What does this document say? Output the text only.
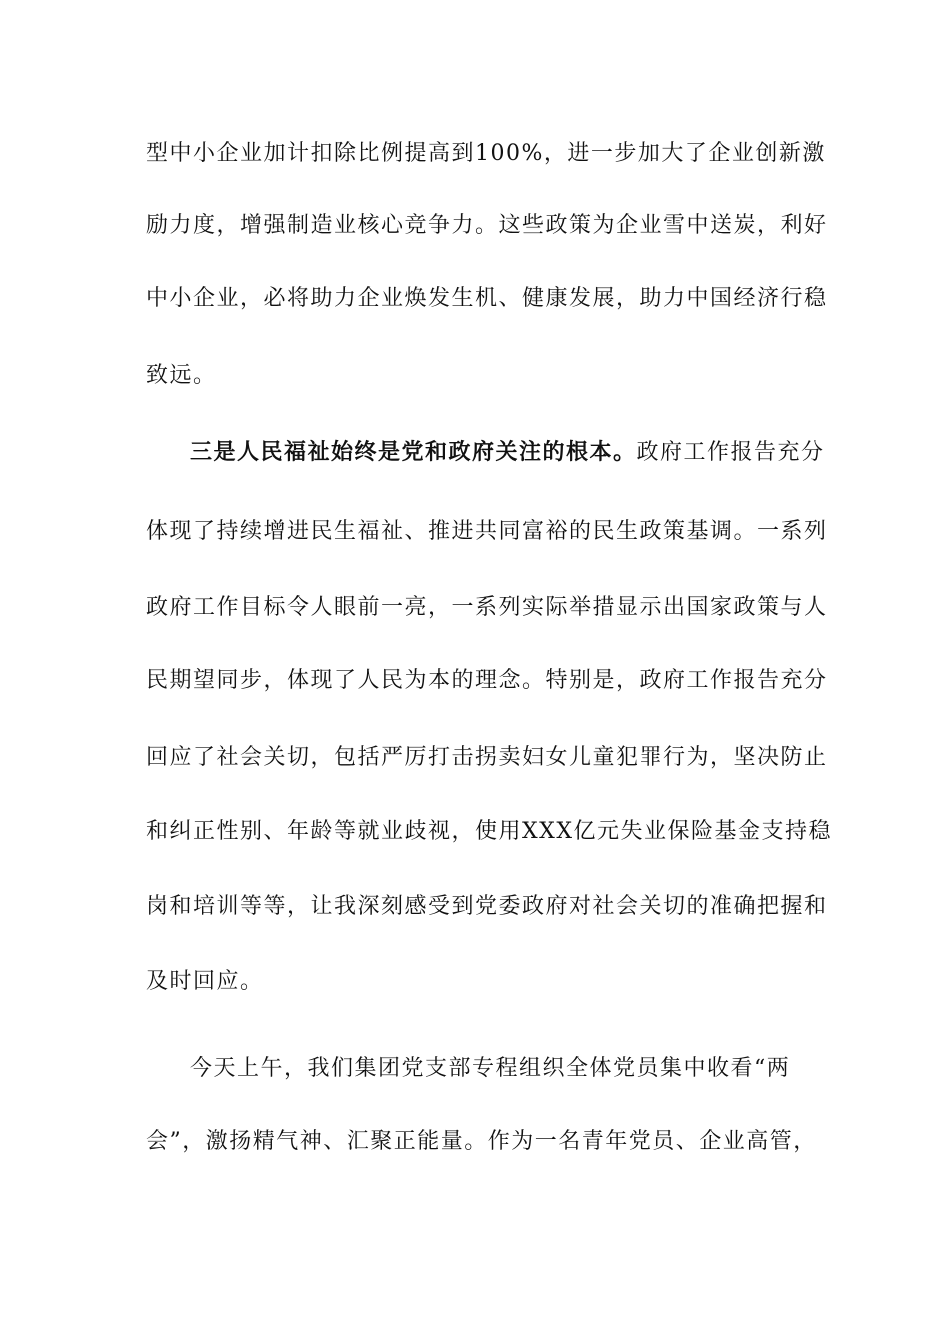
型中小企业加计扣除比例提高到100%，进一步加大了企业创新激
励力度，增强制造业核心竞争力。这些政策为企业雪中送炭，利好
中小企业，必将助力企业焕发生机、健康发展，助力中国经济行稳
致远。
三是人民福祉始终是党和政府关注的根本。政府工作报告充分
体现了持续增进民生福祉、推进共同富裕的民生政策基调。一系列
政府工作目标令人眼前一亮，一系列实际举措显示出国家政策与人
民期望同步，体现了人民为本的理念。特别是，政府工作报告充分
回应了社会关切，包括严厉打击拐卖妇女儿童犯罪行为，坚决防止
和纠正性别、年龄等就业歧视，使用XXX亿元失业保险基金支持稳
岗和培训等等，让我深刻感受到党委政府对社会关切的准确把握和
及时回应。
今天上午，我们集团党支部专程组织全体党员集中收看“两
会”，激扬精气神、汇聚正能量。作为一名青年党员、企业高管，
